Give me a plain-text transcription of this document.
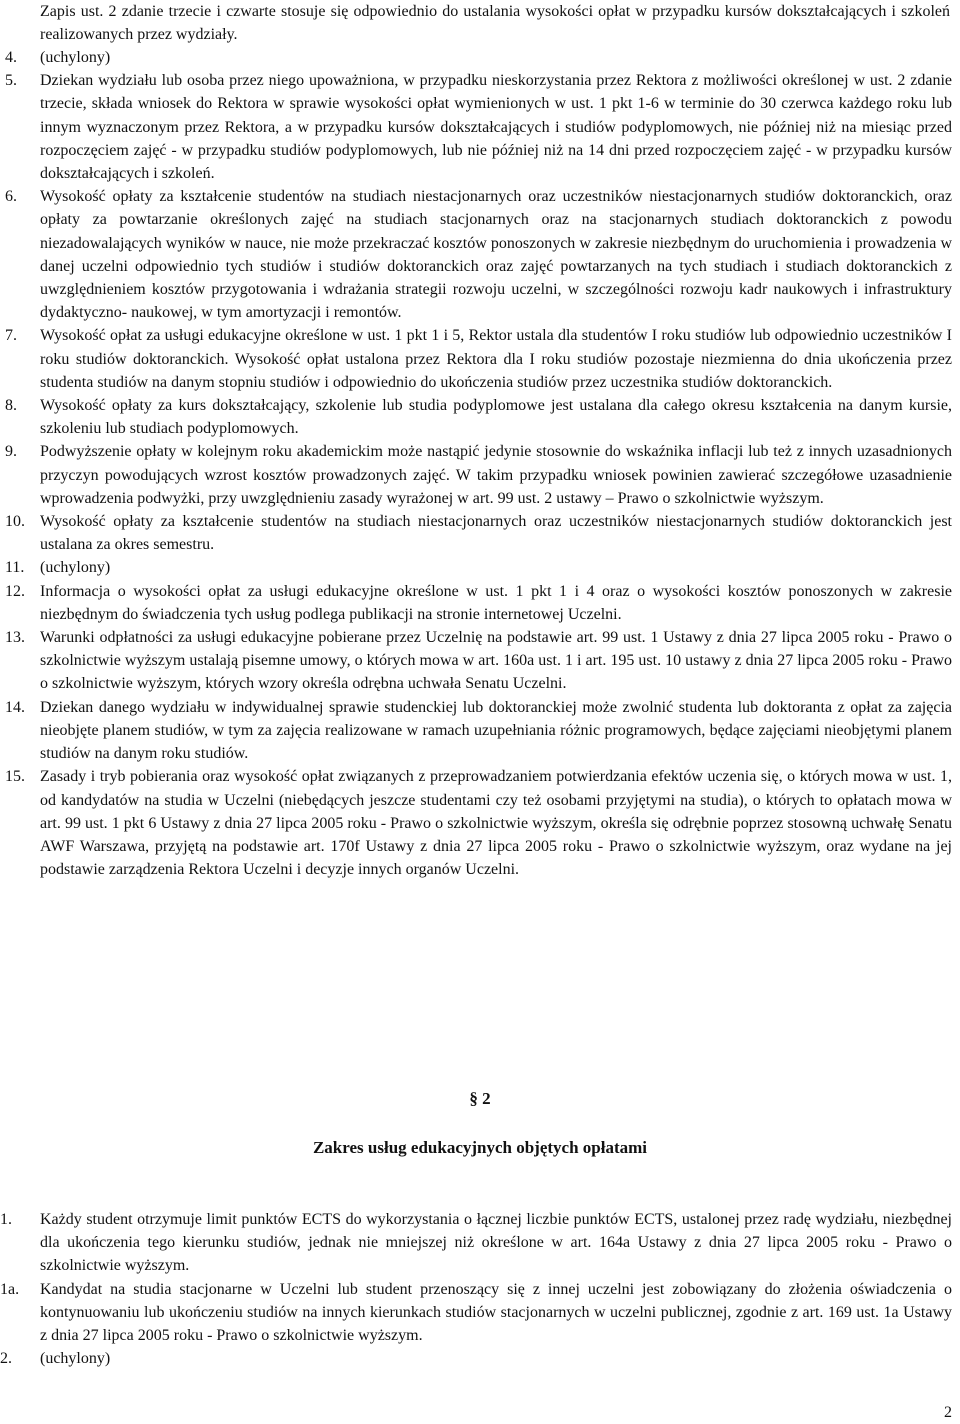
Zapis ust. 2 zdanie trzecie i czwarte stosuje się odpowiednio do ustalania wysokości opłat w przypadku kursów dokształcających i szkoleń realizowanych przez wydziały.
4.	(uchylony)
5.	Dziekan wydziału lub osoba przez niego upoważniona, w przypadku nieskorzystania przez Rektora z możliwości określonej w ust. 2 zdanie trzecie, składa wniosek do Rektora w sprawie wysokości opłat wymienionych w ust. 1 pkt 1-6 w terminie do 30 czerwca każdego roku lub innym wyznaczonym przez Rektora, a w przypadku kursów dokształcających i studiów podyplomowych, nie później niż na miesiąc przed rozpoczęciem zajęć - w przypadku studiów podyplomowych, lub nie później niż na 14 dni przed rozpoczęciem zajęć - w przypadku kursów dokształcających i szkoleń.
6.	Wysokość opłaty za kształcenie studentów na studiach niestacjonarnych oraz uczestników niestacjonarnych studiów doktoranckich, oraz opłaty za powtarzanie określonych zajęć na studiach stacjonarnych oraz na stacjonarnych studiach doktoranckich z powodu niezadowalających wyników w nauce, nie może przekraczać kosztów ponoszonych w zakresie niezbędnym do uruchomienia i prowadzenia w danej uczelni odpowiednio tych studiów i studiów doktoranckich oraz zajęć powtarzanych na tych studiach i studiach doktoranckich z uwzględnieniem kosztów przygotowania i wdrażania strategii rozwoju uczelni, w szczególności rozwoju kadr naukowych i infrastruktury dydaktyczno- naukowej, w tym amortyzacji i remontów.
7.	Wysokość opłat za usługi edukacyjne określone w ust. 1 pkt 1 i 5, Rektor ustala dla studentów I roku studiów lub odpowiednio uczestników I roku studiów doktoranckich. Wysokość opłat ustalona przez Rektora dla I roku studiów pozostaje niezmienna do dnia ukończenia przez studenta studiów na danym stopniu studiów i odpowiednio do ukończenia studiów przez uczestnika studiów doktoranckich.
8.	Wysokość opłaty za kurs dokształcający, szkolenie lub studia podyplomowe jest ustalana dla całego okresu kształcenia na danym kursie, szkoleniu lub studiach podyplomowych.
9.	Podwyższenie opłaty w kolejnym roku akademickim może nastąpić jedynie stosownie do wskaźnika inflacji lub też z innych uzasadnionych przyczyn powodujących wzrost kosztów prowadzonych zajęć. W takim przypadku wniosek powinien zawierać szczegółowe uzasadnienie wprowadzenia podwyżki, przy uwzględnieniu zasady wyrażonej w art. 99 ust. 2 ustawy – Prawo o szkolnictwie wyższym.
10. Wysokość opłaty za kształcenie studentów na studiach niestacjonarnych oraz uczestników niestacjonarnych studiów doktoranckich jest ustalana za okres semestru.
11. (uchylony)
12. Informacja o wysokości opłat za usługi edukacyjne określone w ust. 1 pkt 1 i 4 oraz o wysokości kosztów ponoszonych w zakresie niezbędnym do świadczenia tych usług podlega publikacji na stronie internetowej Uczelni.
13. Warunki odpłatności za usługi edukacyjne pobierane przez Uczelnię na podstawie art. 99 ust. 1 Ustawy z dnia 27 lipca 2005 roku - Prawo o szkolnictwie wyższym ustalają pisemne umowy, o których mowa w art. 160a ust. 1 i art. 195 ust. 10 ustawy z dnia 27 lipca 2005 roku - Prawo o szkolnictwie wyższym, których wzory określa odrębna uchwała Senatu Uczelni.
14. Dziekan danego wydziału w indywidualnej sprawie studenckiej lub doktoranckiej może zwolnić studenta lub doktoranta z opłat za zajęcia nieobjęte planem studiów, w tym za zajęcia realizowane w ramach uzupełniania różnic programowych, będące zajęciami nieobjętymi planem studiów na danym roku studiów.
15. Zasady i tryb pobierania oraz wysokość opłat związanych z przeprowadzaniem potwierdzania efektów uczenia się, o których mowa w ust. 1, od kandydatów na studia w Uczelni (niebędących jeszcze studentami czy też osobami przyjętymi na studia), o których to opłatach mowa w art. 99 ust. 1 pkt 6 Ustawy z dnia 27 lipca 2005 roku - Prawo o szkolnictwie wyższym, określa się odrębnie poprzez stosowną uchwałę Senatu AWF Warszawa, przyjętą na podstawie art. 170f Ustawy z dnia 27 lipca 2005 roku - Prawo o szkolnictwie wyższym, oraz wydane na jej podstawie zarządzenia Rektora Uczelni i decyzje innych organów Uczelni.
§ 2
Zakres usług edukacyjnych objętych opłatami
1.	Każdy student otrzymuje limit punktów ECTS do wykorzystania o łącznej liczbie punktów ECTS, ustalonej przez radę wydziału, niezbędnej dla ukończenia tego kierunku studiów, jednak nie mniejszej niż określone w art. 164a Ustawy z dnia 27 lipca 2005 roku - Prawo o szkolnictwie wyższym.
1a.	Kandydat na studia stacjonarne w Uczelni lub student przenoszący się z innej uczelni jest zobowiązany do złożenia oświadczenia o kontynuowaniu lub ukończeniu studiów na innych kierunkach studiów stacjonarnych w uczelni publicznej, zgodnie z art. 169 ust. 1a Ustawy z dnia 27 lipca 2005 roku - Prawo o szkolnictwie wyższym.
2.	(uchylony)
2
